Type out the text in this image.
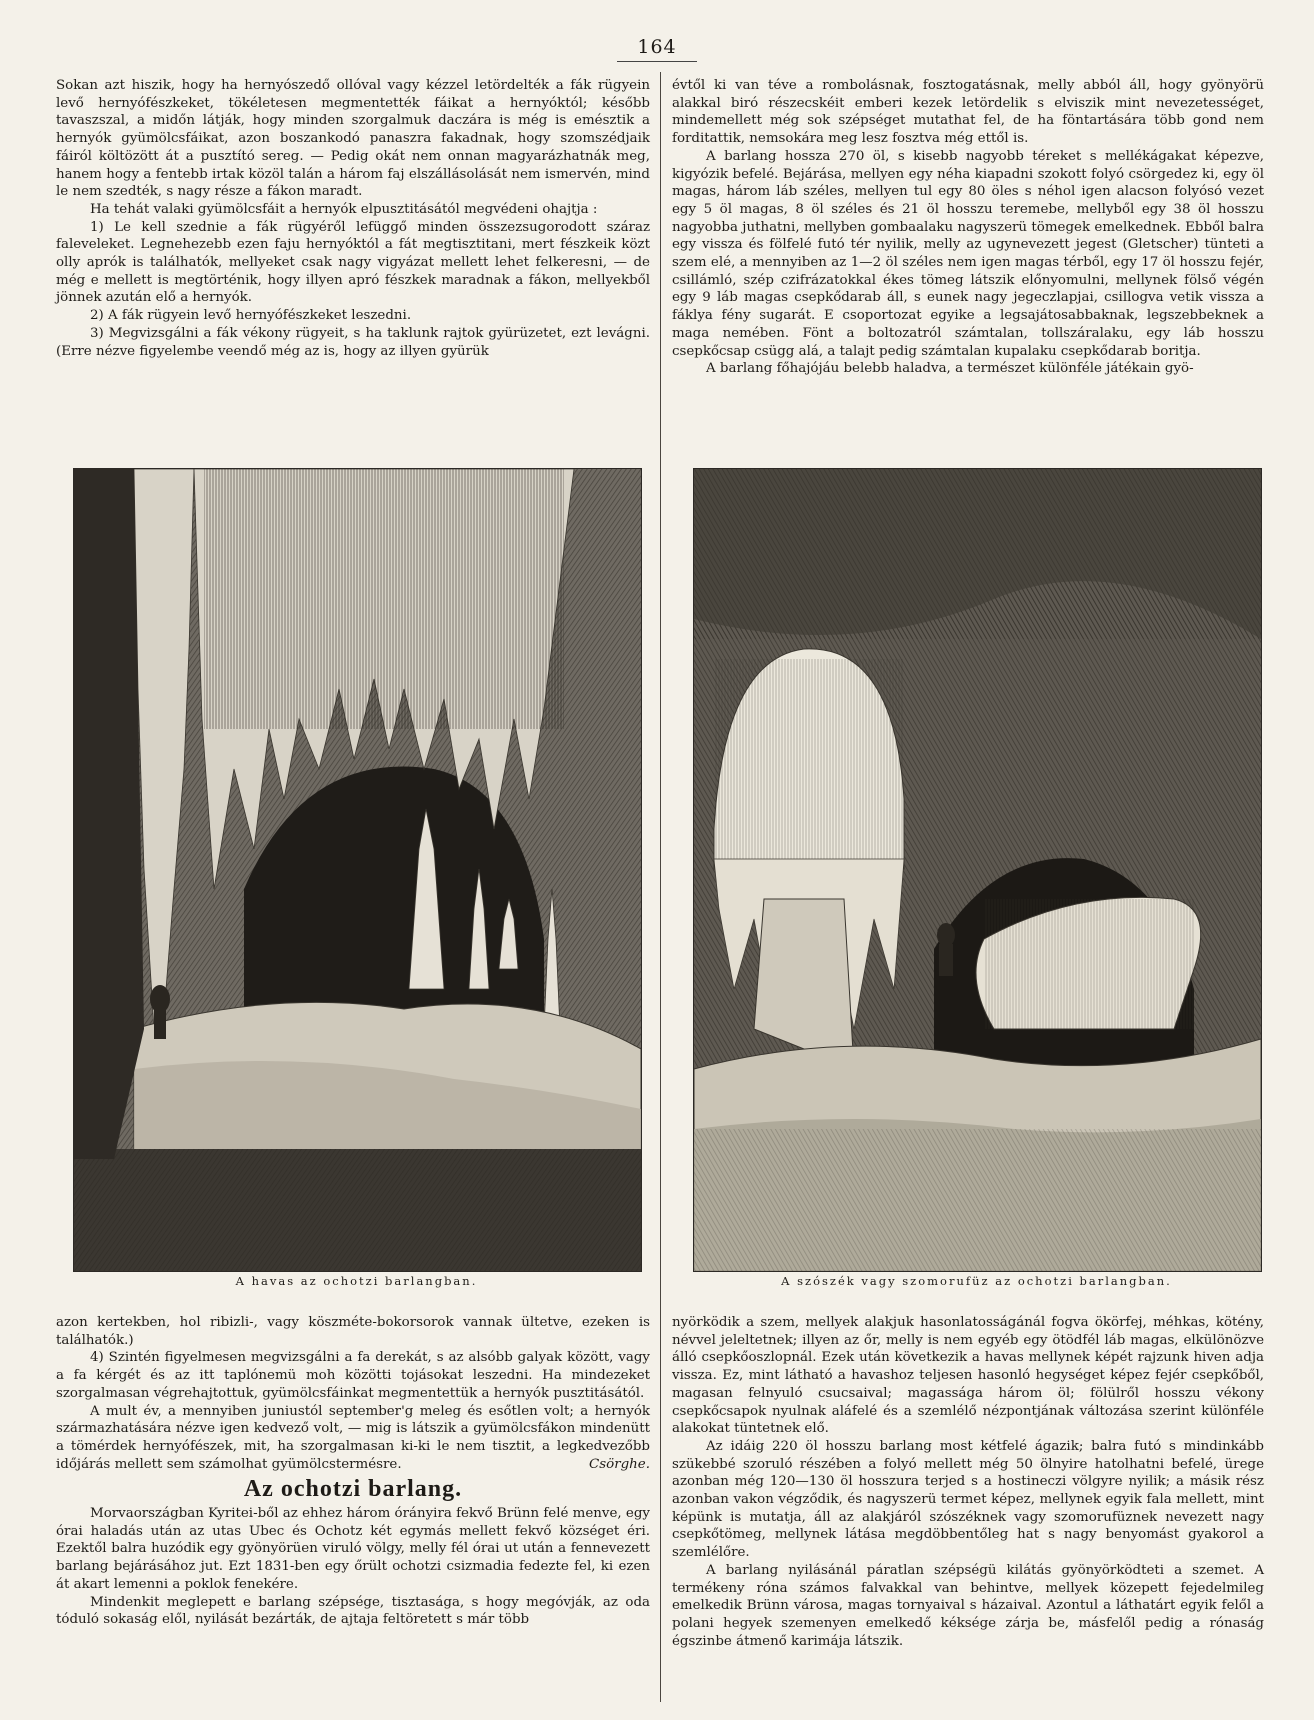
164

Sokan azt hiszik, hogy ha hernyószedő ollóval vagy kézzel letördelték a fák rügyein levő hernyófészkeket, tökéletesen megmentették fáikat a hernyóktól; később tavaszszal, a midőn látják, hogy minden szorgalmuk daczára is még is emésztik a hernyók gyümölcsfáikat, azon boszankodó panaszra fakadnak, hogy szomszédjaik fáiról költözött át a pusztító sereg. — Pedig okát nem onnan magyarázhatnák meg, hanem hogy a fentebb irtak közöl talán a három faj elszállásolását nem ismervén, mind le nem szedték, s nagy része a fákon maradt.

Ha tehát valaki gyümölcsfáit a hernyók elpusztitásától megvédeni ohajtja :

1) Le kell szednie a fák rügyéről lefüggő minden összezsugorodott száraz faleveleket. Legnehezebb ezen faju hernyóktól a fát megtisztitani, mert fészkeik közt olly aprók is találhatók, mellyeket csak nagy vigyázat mellett lehet felkeresni, — de még e mellett is megtörténik, hogy illyen apró fészkek maradnak a fákon, mellyekből jönnek azután elő a hernyók.

2) A fák rügyein levő hernyófészkeket leszedni.

3) Megvizsgálni a fák vékony rügyeit, s ha taklunk rajtok gyürüzetet, ezt levágni. (Erre nézve figyelembe veendő még az is, hogy az illyen gyürük

évtől ki van téve a rombolásnak, fosztogatásnak, melly abból áll, hogy gyönyörü alakkal biró részecskéit emberi kezek letördelik s elviszik mint nevezetességet, mindemellett még sok szépséget mutathat fel, de ha föntartására több gond nem forditattik, nemsokára meg lesz fosztva még ettől is.

A barlang hossza 270 öl, s kisebb nagyobb téreket s mellékágakat képezve, kigyózik befelé. Bejárása, mellyen egy néha kiapadni szokott folyó csörgedez ki, egy öl magas, három láb széles, mellyen tul egy 80 öles s néhol igen alacson folyósó vezet egy 5 öl magas, 8 öl széles és 21 öl hosszu teremebe, mellyből egy 38 öl hosszu nagyobba juthatni, mellyben gombaalaku nagyszerü tömegek emelkednek. Ebből balra egy vissza és fölfelé futó tér nyilik, melly az ugynevezett jegest (Gletscher) tünteti a szem elé, a mennyiben az 1—2 öl széles nem igen magas térből, egy 17 öl hosszu fejér, csillámló, szép czifrázatokkal ékes tömeg látszik előnyomulni, mellynek fölső végén egy 9 láb magas csepkődarab áll, s eunek nagy jegeczlapjai, csillogva vetik vissza a fáklya fény sugarát. E csoportozat egyike a legsajátosabbaknak, legszebbeknek a maga nemében. Fönt a boltozatról számtalan, tollszáralaku, egy láb hosszu csepkőcsap csügg alá, a talajt pedig számtalan kupalaku csepkődarab boritja.

A barlang főhajójáu belebb haladva, a természet különféle játékain gyö-

A havas az ochotzi barlangban.	A szószék vagy szomorufüz az ochotzi barlangban.

azon kertekben, hol ribizli-, vagy köszméte-bokorsorok vannak ültetve, ezeken is találhatók.)

4) Szintén figyelmesen megvizsgálni a fa derekát, s az alsóbb galyak között, vagy a fa kérgét és az itt taplónemü moh közötti tojásokat leszedni. Ha mindezeket szorgalmasan végrehajtottuk, gyümölcsfáinkat megmentettük a hernyók pusztitásától.

A mult év, a mennyiben juniustól september'g meleg és esőtlen volt; a hernyók származhatására nézve igen kedvező volt, — mig is látszik a gyümölcsfákon mindenütt a tömérdek hernyófészek, mit, ha szorgalmasan ki-ki le nem tisztit, a legkedvezőbb időjárás mellett sem számolhat gyümölcstermésre.	Csörghe.

Az ochotzi barlang.

Morvaországban Kyritei-ből az ehhez három órányira fekvő Brünn felé menve, egy órai haladás után az utas Ubec és Ochotz két egymás mellett fekvő községet éri. Ezektől balra huzódik egy gyönyörüen viruló völgy, melly fél órai ut után a fennevezett barlang bejárásához jut. Ezt 1831-ben egy őrült ochotzi csizmadia fedezte fel, ki ezen át akart lemenni a poklok fenekére.

Mindenkit meglepett e barlang szépsége, tisztasága, s hogy megóvják, az oda tóduló sokaság elől, nyilását bezárták, de ajtaja feltöretett s már több

nyörködik a szem, mellyek alakjuk hasonlatosságánál fogva ökörfej, méhkas, kötény, névvel jeleltetnek; illyen az őr, melly is nem egyéb egy ötödfél láb magas, elkülönözve álló csepkőoszlopnál. Ezek után következik a havas mellynek képét rajzunk hiven adja vissza. Ez, mint látható a havashoz teljesen hasonló hegységet képez fejér csepkőből, magasan felnyuló csucsaival; magassága három öl; fölülről hosszu vékony csepkőcsapok nyulnak aláfelé és a szemlélő nézpontjának változása szerint különféle alakokat tüntetnek elő.

Az idáig 220 öl hosszu barlang most kétfelé ágazik; balra futó s mindinkább szükebbé szoruló részében a folyó mellett még 50 ölnyire hatolhatni befelé, ürege azonban még 120—130 öl hosszura terjed s a hostineczi völgyre nyilik; a másik rész azonban vakon végződik, és nagyszerü termet képez, mellynek egyik fala mellett, mint képünk is mutatja, áll az alakjáról szószéknek vagy szomorufüznek nevezett nagy csepkőtömeg, mellynek látása megdöbbentőleg hat s nagy benyomást gyakorol a szemlélőre.

A barlang nyilásánál páratlan szépségü kilátás gyönyörködteti a szemet. A termékeny róna számos falvakkal van behintve, mellyek közepett fejedelmileg emelkedik Brünn városa, magas tornyaival s házaival. Azontul a láthatárt egyik felől a polani hegyek szemenyen emelkedő kéksége zárja be, másfelől pedig a rónaság égszinbe átmenő karimája látszik.
